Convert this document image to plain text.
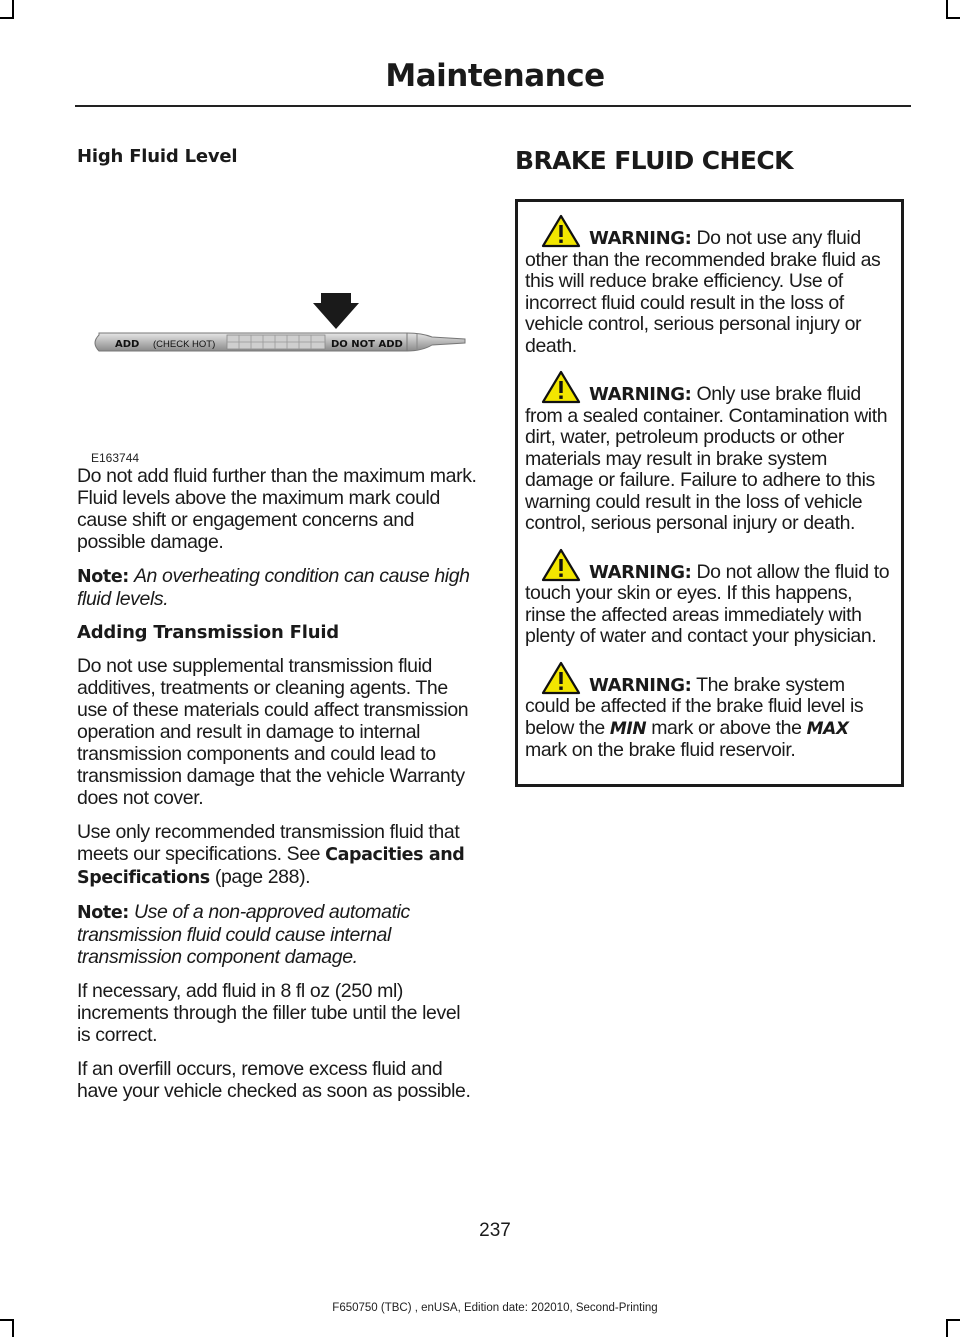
Maintenance
High Fluid Level
ADD (CHECK HOT)	DO NOT ADD
E163744

Do not add fluid further than the maximum mark. Fluid levels above the maximum mark could cause shift or engagement concerns and possible damage.

Note: An overheating condition can cause high fluid levels.

Adding Transmission Fluid

Do not use supplemental transmission fluid additives, treatments or cleaning agents. The use of these materials could affect transmission operation and result in damage to internal transmission components and could lead to transmission damage that the vehicle Warranty does not cover.

Use only recommended transmission fluid that meets our specifications. See Capacities and Specifications (page 288).

Note: Use of a non-approved automatic transmission fluid could cause internal transmission component damage.

If necessary, add fluid in 8 fl oz (250 ml) increments through the filler tube until the level is correct.

If an overfill occurs, remove excess fluid and have your vehicle checked as soon as possible.

BRAKE FLUID CHECK

WARNING: Do not use any fluid other than the recommended brake fluid as this will reduce brake efficiency. Use of incorrect fluid could result in the loss of vehicle control, serious personal injury or death.

WARNING: Only use brake fluid from a sealed container. Contamination with dirt, water, petroleum products or other materials may result in brake system damage or failure. Failure to adhere to this warning could result in the loss of vehicle control, serious personal injury or death.

WARNING: Do not allow the fluid to touch your skin or eyes. If this happens, rinse the affected areas immediately with plenty of water and contact your physician.

WARNING: The brake system could be affected if the brake fluid level is below the MIN mark or above the MAX mark on the brake fluid reservoir.

237
F650750 (TBC) , enUSA, Edition date: 202010, Second-Printing
